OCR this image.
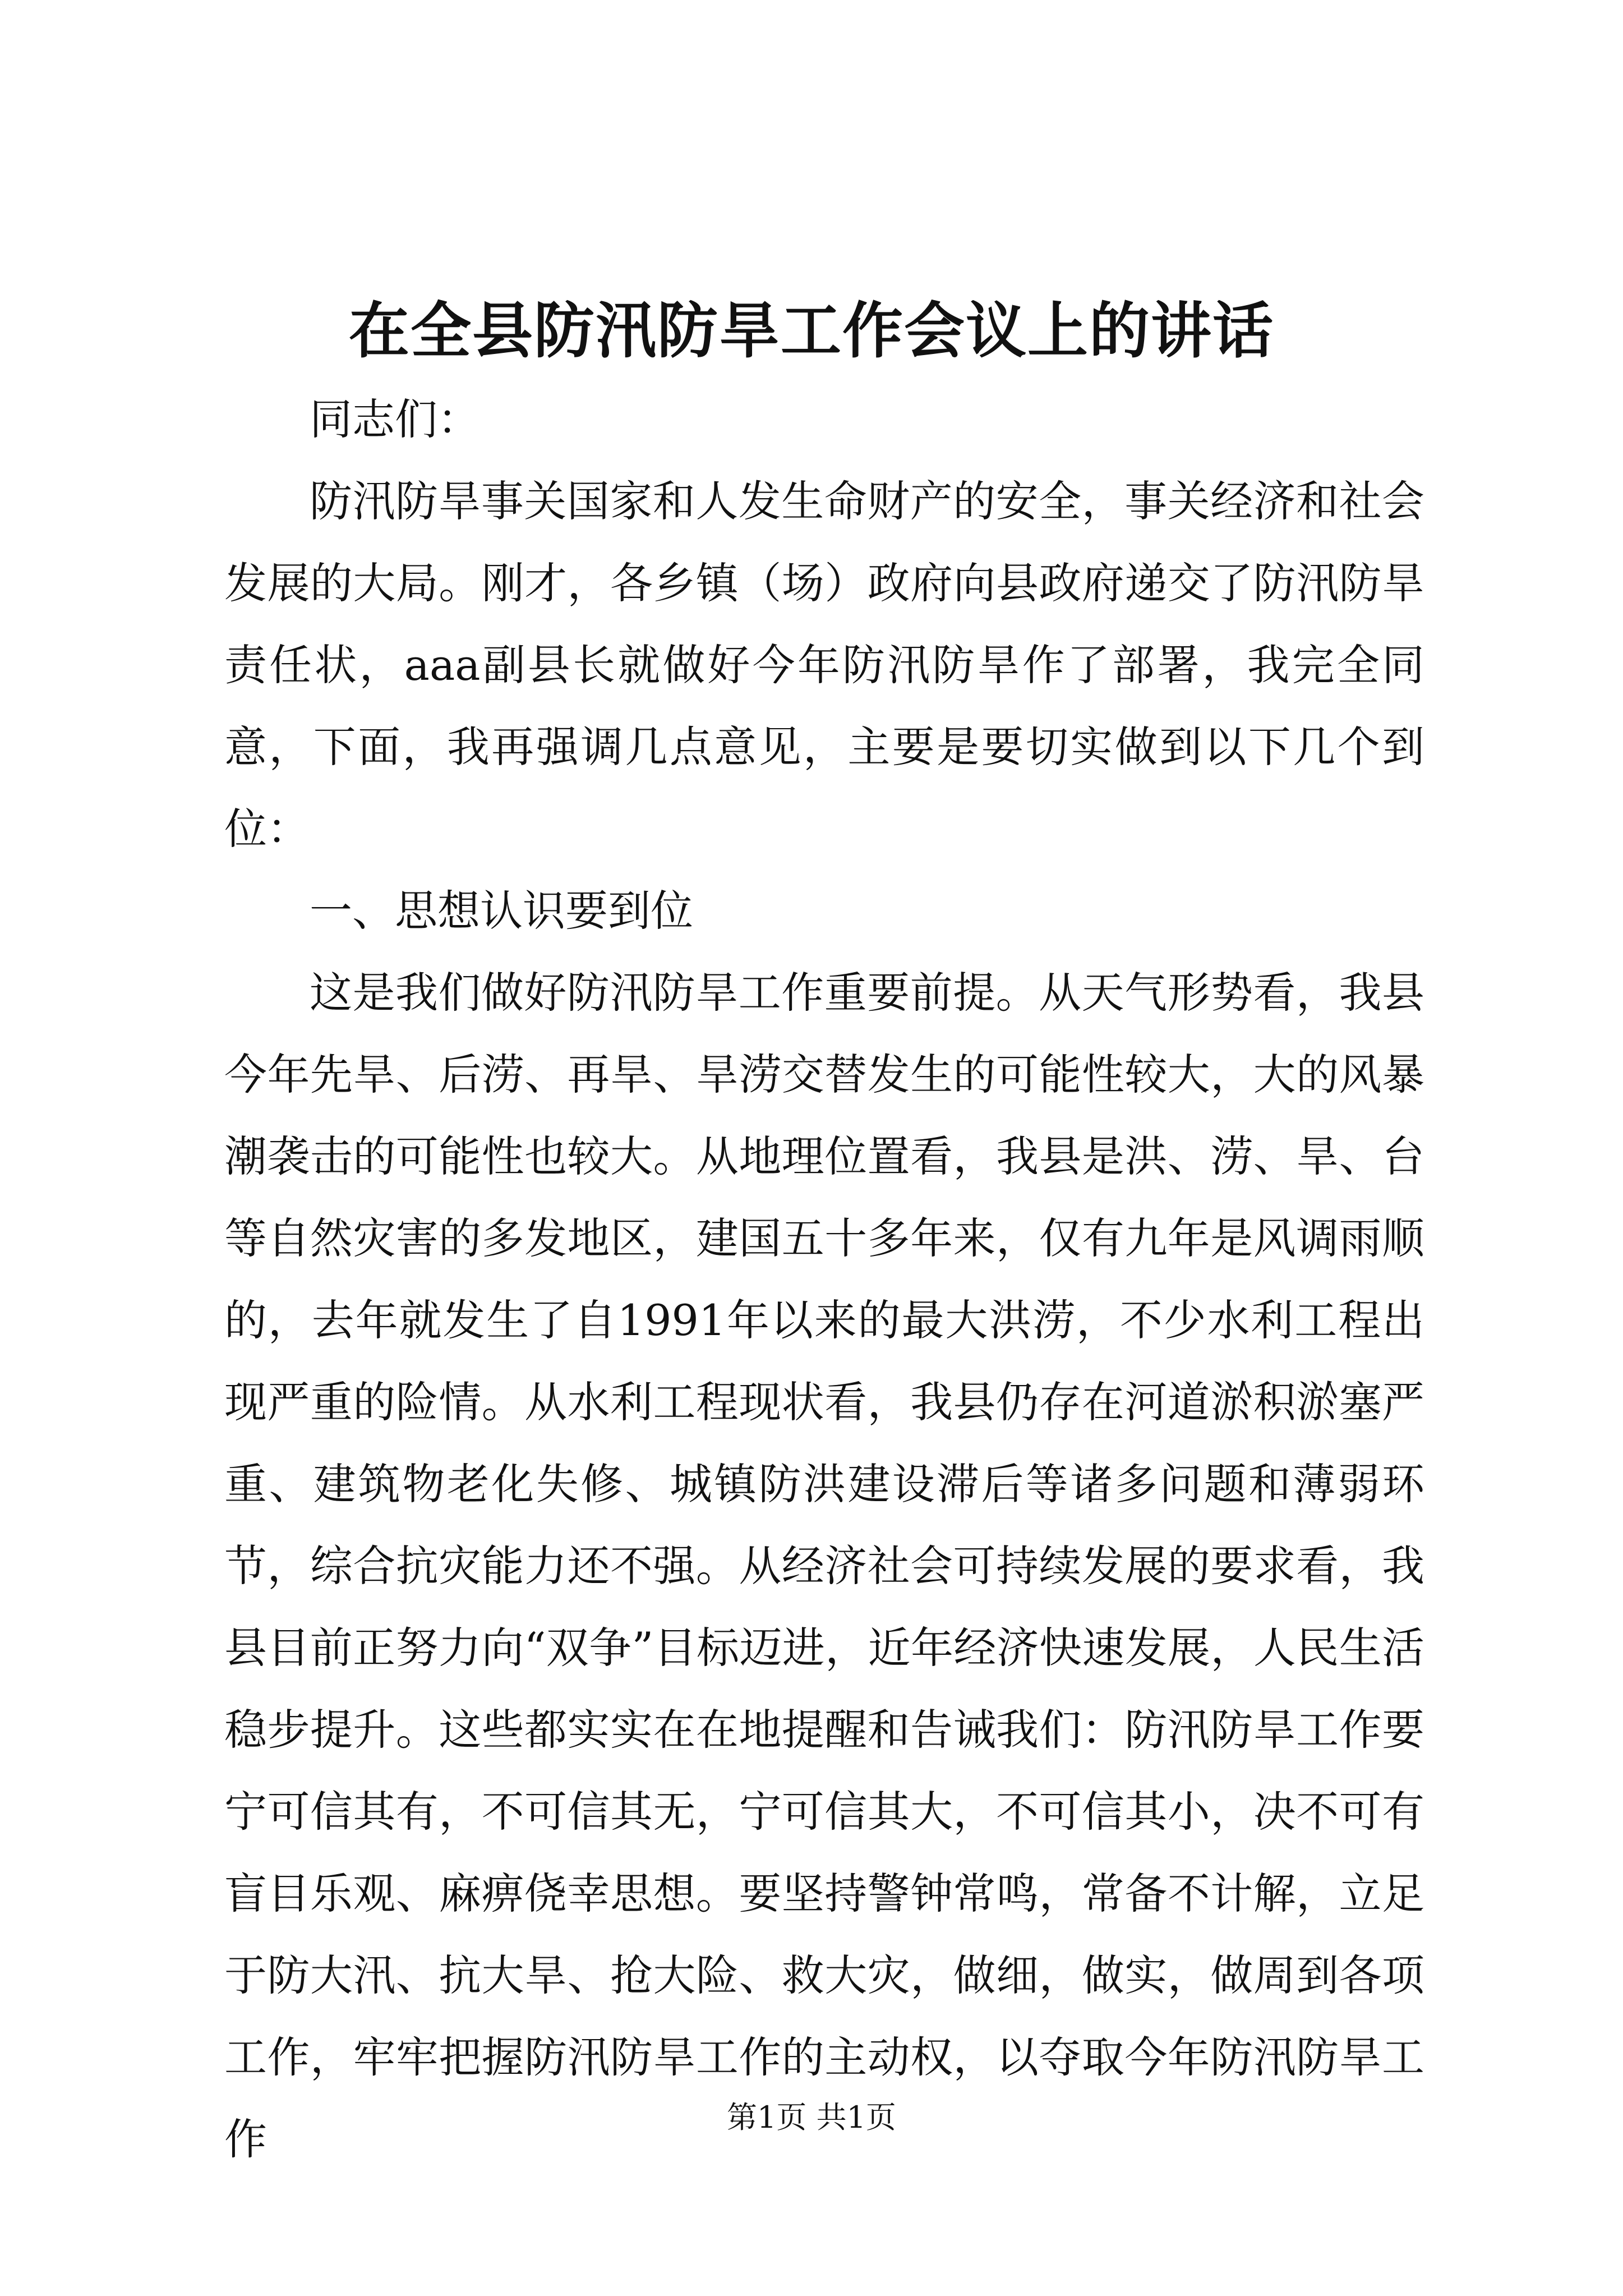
在全县防汛防旱工作会议上的讲话

同志们：

防汛防旱事关国家和人发生命财产的安全，事关经济和社会发展的大局。刚才，各乡镇（场）政府向县政府递交了防汛防旱责任状，aaa副县长就做好今年防汛防旱作了部署，我完全同意，下面，我再强调几点意见，主要是要切实做到以下几个到位：

一、思想认识要到位

这是我们做好防汛防旱工作重要前提。从天气形势看，我县今年先旱、后涝、再旱、旱涝交替发生的可能性较大，大的风暴潮袭击的可能性也较大。从地理位置看，我县是洪、涝、旱、台等自然灾害的多发地区，建国五十多年来，仅有九年是风调雨顺的，去年就发生了自1991年以来的最大洪涝，不少水利工程出现严重的险情。从水利工程现状看，我县仍存在河道淤积淤塞严重、建筑物老化失修、城镇防洪建设滞后等诸多问题和薄弱环节，综合抗灾能力还不强。从经济社会可持续发展的要求看，我县目前正努力向“双争”目标迈进，近年经济快速发展，人民生活稳步提升。这些都实实在在地提醒和告诫我们：防汛防旱工作要宁可信其有，不可信其无，宁可信其大，不可信其小，决不可有盲目乐观、麻痹侥幸思想。要坚持警钟常鸣，常备不计解，立足于防大汛、抗大旱、抢大险、救大灾，做细，做实，做周到各项工作，牢牢把握防汛防旱工作的主动权，以夺取今年防汛防旱工作	第1页 共1页
